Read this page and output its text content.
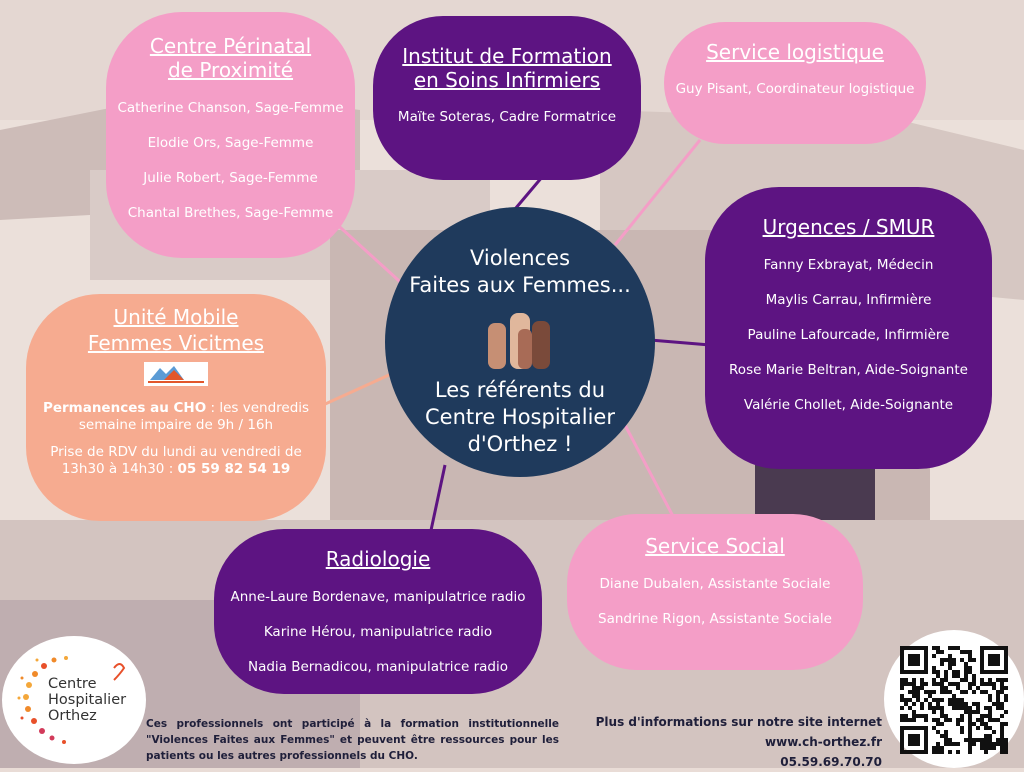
Centre Périnatal
de Proximité
Catherine Chanson, Sage-Femme
Elodie Ors, Sage-Femme
Julie Robert, Sage-Femme
Chantal Brethes, Sage-Femme
Institut de Formation
en Soins Infirmiers
Maïte Soteras, Cadre Formatrice
Service logistique
Guy Pisant, Coordinateur logistique
Urgences / SMUR
Fanny Exbrayat, Médecin
Maylis Carrau, Infirmière
Pauline Lafourcade, Infirmière
Rose Marie Beltran, Aide-Soignante
Valérie Chollet, Aide-Soignante
Unité Mobile
Femmes Vicitmes
Permanences au CHO : les vendredis semaine impaire de 9h / 16h
Prise de RDV du lundi au vendredi de 13h30 à 14h30 : 05 59 82 54 19
Radiologie
Anne-Laure Bordenave, manipulatrice radio
Karine Hérou, manipulatrice radio
Nadia Bernadicou, manipulatrice radio
Service Social
Diane Dubalen, Assistante Sociale
Sandrine Rigon, Assistante Sociale
Violences
Faites aux Femmes...
Les référents du
Centre Hospitalier
d'Orthez !
Centre
Hospitalier
Orthez	Ces professionnels ont participé à la formation institutionnelle "Violences Faites aux Femmes" et peuvent être ressources pour les patients ou les autres professionnels du CHO.
Plus d'informations sur notre site internet
www.ch-orthez.fr
05.59.69.70.70
